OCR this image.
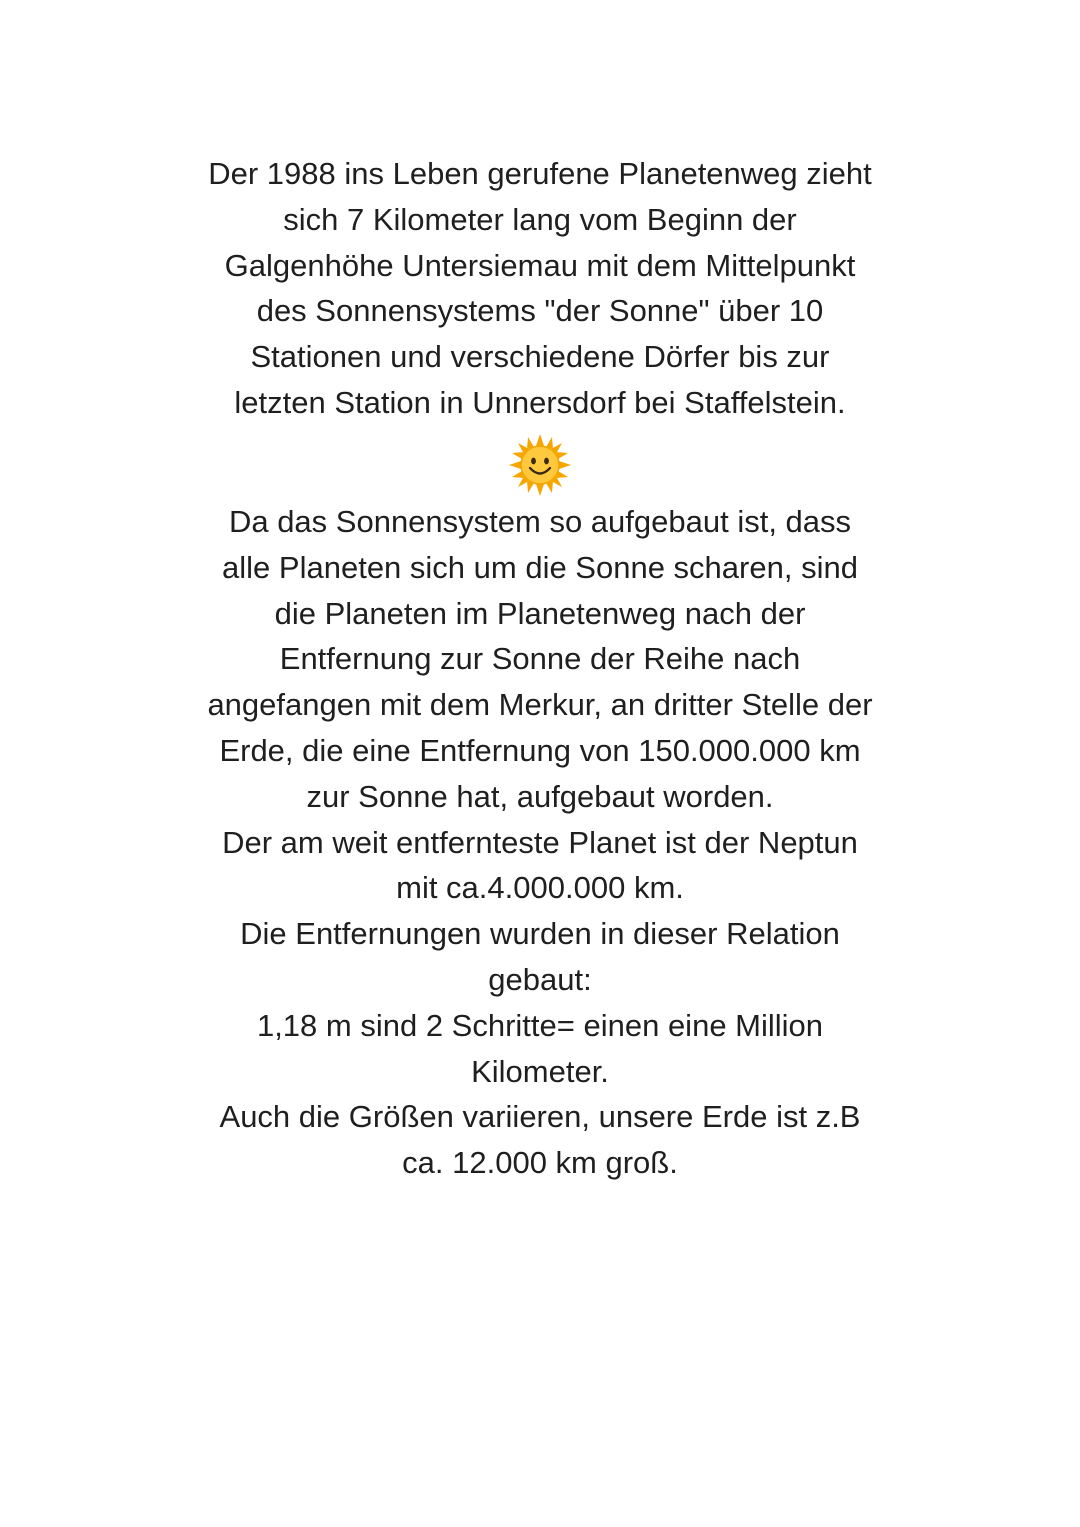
Der 1988 ins Leben gerufene Planetenweg zieht
sich 7 Kilometer lang vom Beginn der
Galgenhöhe Untersiemau mit dem Mittelpunkt
des Sonnensystems "der Sonne" über 10
Stationen und verschiedene Dörfer bis zur
letzten Station in Unnersdorf bei Staffelstein.
Da das Sonnensystem so aufgebaut ist, dass
alle Planeten sich um die Sonne scharen, sind
die Planeten im Planetenweg nach der
Entfernung zur Sonne der Reihe nach
angefangen mit dem Merkur, an dritter Stelle der
Erde, die eine Entfernung von 150.000.000 km
zur Sonne hat, aufgebaut worden.
Der am weit entfernteste Planet ist der Neptun
mit ca.4.000.000 km.
Die Entfernungen wurden in dieser Relation
gebaut:
1,18 m sind 2 Schritte= einen eine Million
Kilometer.
Auch die Größen variieren, unsere Erde ist z.B
ca. 12.000 km groß.
